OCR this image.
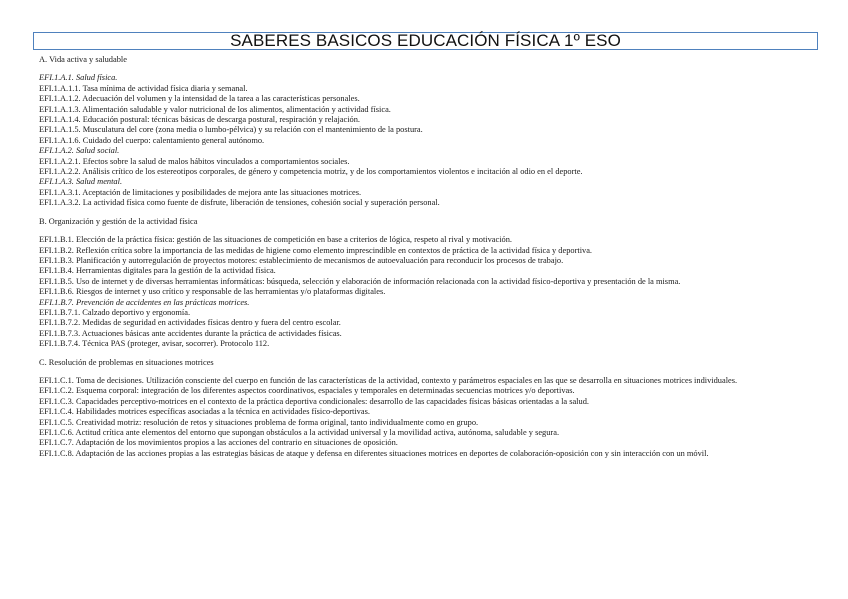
SABERES BASICOS EDUCACIÓN FÍSICA 1º ESO
A. Vida activa y saludable
EFI.1.A.1. Salud física.
EFI.1.A.1.1. Tasa mínima de actividad física diaria y semanal.
EFI.1.A.1.2. Adecuación del volumen y la intensidad de la tarea a las características personales.
EFI.1.A.1.3. Alimentación saludable y valor nutricional de los alimentos, alimentación y actividad física.
EFI.1.A.1.4. Educación postural: técnicas básicas de descarga postural, respiración y relajación.
EFI.1.A.1.5. Musculatura del core (zona media o lumbo-pélvica) y su relación con el mantenimiento de la postura.
EFI.1.A.1.6. Cuidado del cuerpo: calentamiento general autónomo.
EFI.1.A.2. Salud social.
EFI.1.A.2.1. Efectos sobre la salud de malos hábitos vinculados a comportamientos sociales.
EFI.1.A.2.2. Análisis crítico de los estereotipos corporales, de género y competencia motriz, y de los comportamientos violentos e incitación al odio en el deporte.
EFI.1.A.3. Salud mental.
EFI.1.A.3.1. Aceptación de limitaciones y posibilidades de mejora ante las situaciones motrices.
EFI.1.A.3.2. La actividad física como fuente de disfrute, liberación de tensiones, cohesión social y superación personal.
B. Organización y gestión de la actividad física
EFI.1.B.1. Elección de la práctica física: gestión de las situaciones de competición en base a criterios de lógica, respeto al rival y motivación.
EFI.1.B.2. Reflexión crítica sobre la importancia de las medidas de higiene como elemento imprescindible en contextos de práctica de la actividad física y deportiva.
EFI.1.B.3. Planificación y autorregulación de proyectos motores: establecimiento de mecanismos de autoevaluación para reconducir los procesos de trabajo.
EFI.1.B.4. Herramientas digitales para la gestión de la actividad física.
EFI.1.B.5. Uso de internet y de diversas herramientas informáticas: búsqueda, selección y elaboración de información relacionada con la actividad físico-deportiva y presentación de la misma.
EFI.1.B.6. Riesgos de internet y uso crítico y responsable de las herramientas y/o plataformas digitales.
EFI.1.B.7. Prevención de accidentes en las prácticas motrices.
EFI.1.B.7.1. Calzado deportivo y ergonomía.
EFI.1.B.7.2. Medidas de seguridad en actividades físicas dentro y fuera del centro escolar.
EFI.1.B.7.3. Actuaciones básicas ante accidentes durante la práctica de actividades físicas.
EFI.1.B.7.4. Técnica PAS (proteger, avisar, socorrer). Protocolo 112.
C. Resolución de problemas en situaciones motrices
EFI.1.C.1. Toma de decisiones. Utilización consciente del cuerpo en función de las características de la actividad, contexto y parámetros espaciales en las que se desarrolla en situaciones motrices individuales.
EFI.1.C.2. Esquema corporal: integración de los diferentes aspectos coordinativos, espaciales y temporales en determinadas secuencias motrices y/o deportivas.
EFI.1.C.3. Capacidades perceptivo-motrices en el contexto de la práctica deportiva condicionales: desarrollo de las capacidades físicas básicas orientadas a la salud.
EFI.1.C.4. Habilidades motrices específicas asociadas a la técnica en actividades físico-deportivas.
EFI.1.C.5. Creatividad motriz: resolución de retos y situaciones problema de forma original, tanto individualmente como en grupo.
EFI.1.C.6. Actitud crítica ante elementos del entorno que supongan obstáculos a la actividad universal y la movilidad activa, autónoma, saludable y segura.
EFI.1.C.7. Adaptación de los movimientos propios a las acciones del contrario en situaciones de oposición.
EFI.1.C.8. Adaptación de las acciones propias a las estrategias básicas de ataque y defensa en diferentes situaciones motrices en deportes de colaboración-oposición con y sin interacción con un móvil.
